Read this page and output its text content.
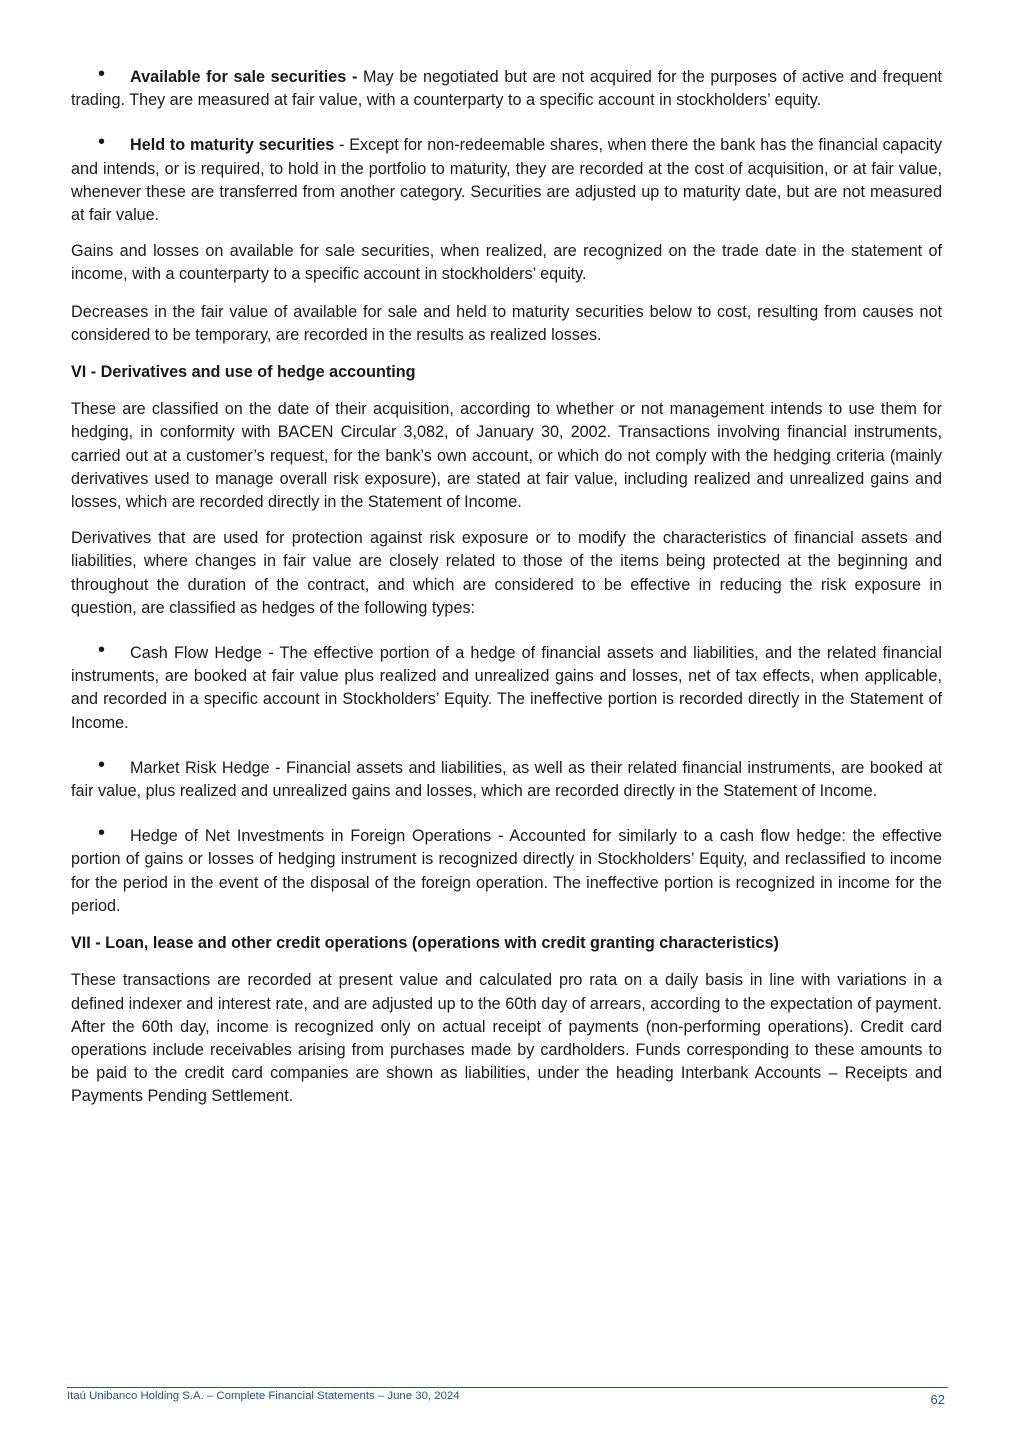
• Available for sale securities - May be negotiated but are not acquired for the purposes of active and frequent trading. They are measured at fair value, with a counterparty to a specific account in stockholders’ equity.

• Held to maturity securities - Except for non-redeemable shares, when there the bank has the financial capacity and intends, or is required, to hold in the portfolio to maturity, they are recorded at the cost of acquisition, or at fair value, whenever these are transferred from another category. Securities are adjusted up to maturity date, but are not measured at fair value.

Gains and losses on available for sale securities, when realized, are recognized on the trade date in the statement of income, with a counterparty to a specific account in stockholders’ equity.

Decreases in the fair value of available for sale and held to maturity securities below to cost, resulting from causes not considered to be temporary, are recorded in the results as realized losses.

VI - Derivatives and use of hedge accounting

These are classified on the date of their acquisition, according to whether or not management intends to use them for hedging, in conformity with BACEN Circular 3,082, of January 30, 2002. Transactions involving financial instruments, carried out at a customer’s request, for the bank’s own account, or which do not comply with the hedging criteria (mainly derivatives used to manage overall risk exposure), are stated at fair value, including realized and unrealized gains and losses, which are recorded directly in the Statement of Income.

Derivatives that are used for protection against risk exposure or to modify the characteristics of financial assets and liabilities, where changes in fair value are closely related to those of the items being protected at the beginning and throughout the duration of the contract, and which are considered to be effective in reducing the risk exposure in question, are classified as hedges of the following types:

• Cash Flow Hedge - The effective portion of a hedge of financial assets and liabilities, and the related financial instruments, are booked at fair value plus realized and unrealized gains and losses, net of tax effects, when applicable, and recorded in a specific account in Stockholders’ Equity. The ineffective portion is recorded directly in the Statement of Income.

• Market Risk Hedge - Financial assets and liabilities, as well as their related financial instruments, are booked at fair value, plus realized and unrealized gains and losses, which are recorded directly in the Statement of Income.

• Hedge of Net Investments in Foreign Operations - Accounted for similarly to a cash flow hedge: the effective portion of gains or losses of hedging instrument is recognized directly in Stockholders’ Equity, and reclassified to income for the period in the event of the disposal of the foreign operation. The ineffective portion is recognized in income for the period.

VII - Loan, lease and other credit operations (operations with credit granting characteristics)

These transactions are recorded at present value and calculated pro rata on a daily basis in line with variations in a defined indexer and interest rate, and are adjusted up to the 60th day of arrears, according to the expectation of payment. After the 60th day, income is recognized only on actual receipt of payments (non-performing operations). Credit card operations include receivables arising from purchases made by cardholders. Funds corresponding to these amounts to be paid to the credit card companies are shown as liabilities, under the heading Interbank Accounts – Receipts and Payments Pending Settlement.

Itaú Unibanco Holding S.A. – Complete Financial Statements – June 30, 2024	62
